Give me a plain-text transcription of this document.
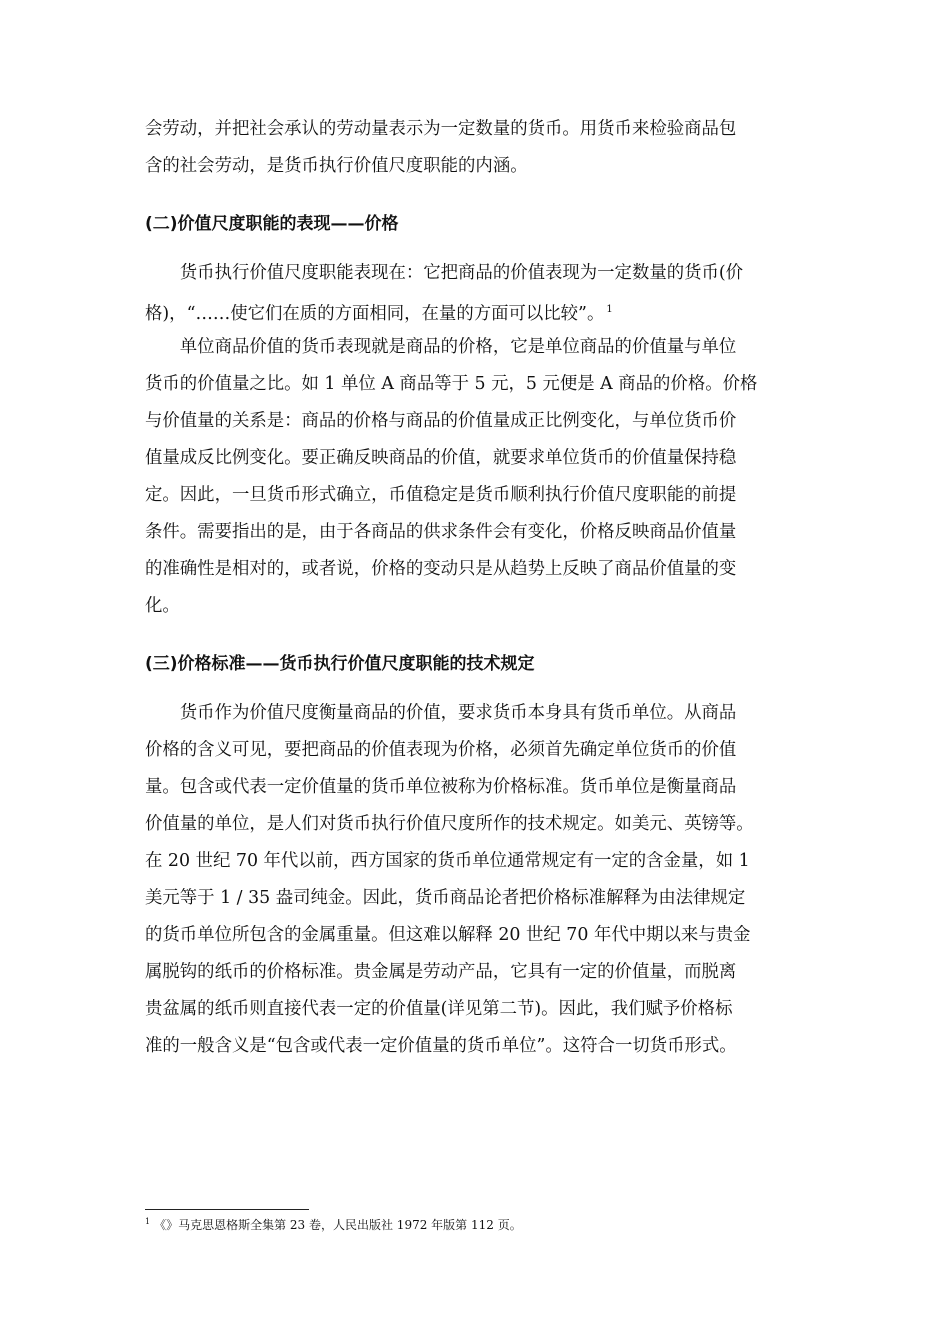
会劳动，并把社会承认的劳动量表示为一定数量的货币。用货币来检验商品包
含的社会劳动，是货币执行价值尺度职能的内涵。
(二)价值尺度职能的表现——价格
　　货币执行价值尺度职能表现在：它把商品的价值表现为一定数量的货币(价
格)，“……使它们在质的方面相同，在量的方面可以比较”。 $^1$
　　单位商品价值的货币表现就是商品的价格，它是单位商品的价值量与单位
货币的价值量之比。如 1 单位 A 商品等于 5 元，5 元便是 A 商品的价格。价格
与价值量的关系是：商品的价格与商品的价值量成正比例变化，与单位货币价
值量成反比例变化。要正确反映商品的价值，就要求单位货币的价值量保持稳
定。因此，一旦货币形式确立，币值稳定是货币顺利执行价值尺度职能的前提
条件。需要指出的是，由于各商品的供求条件会有变化，价格反映商品价值量
的准确性是相对的，或者说，价格的变动只是从趋势上反映了商品价值量的变
化。
(三)价格标准——货币执行价值尺度职能的技术规定
　　货币作为价值尺度衡量商品的价值，要求货币本身具有货币单位。从商品
价格的含义可见，要把商品的价值表现为价格，必须首先确定单位货币的价值
量。包含或代表一定价值量的货币单位被称为价格标准。货币单位是衡量商品
价值量的单位，是人们对货币执行价值尺度所作的技术规定。如美元、英镑等。
在 20 世纪 70 年代以前，西方国家的货币单位通常规定有一定的含金量，如 1
美元等于 1 / 35 盎司纯金。因此，货币商品论者把价格标准解释为由法律规定
的货币单位所包含的金属重量。但这难以解释 20 世纪 70 年代中期以来与贵金
属脱钩的纸币的价格标准。贵金属是劳动产品，它具有一定的价值量，而脱离
贵盆属的纸币则直接代表一定的价值量(详见第二节)。因此，我们赋予价格标
准的一般含义是“包含或代表一定价值量的货币单位”。这符合一切货币形式。
$^1$ 《》马克思恩格斯全集第 23 卷，人民出版社 1972 年版第 112 页。
